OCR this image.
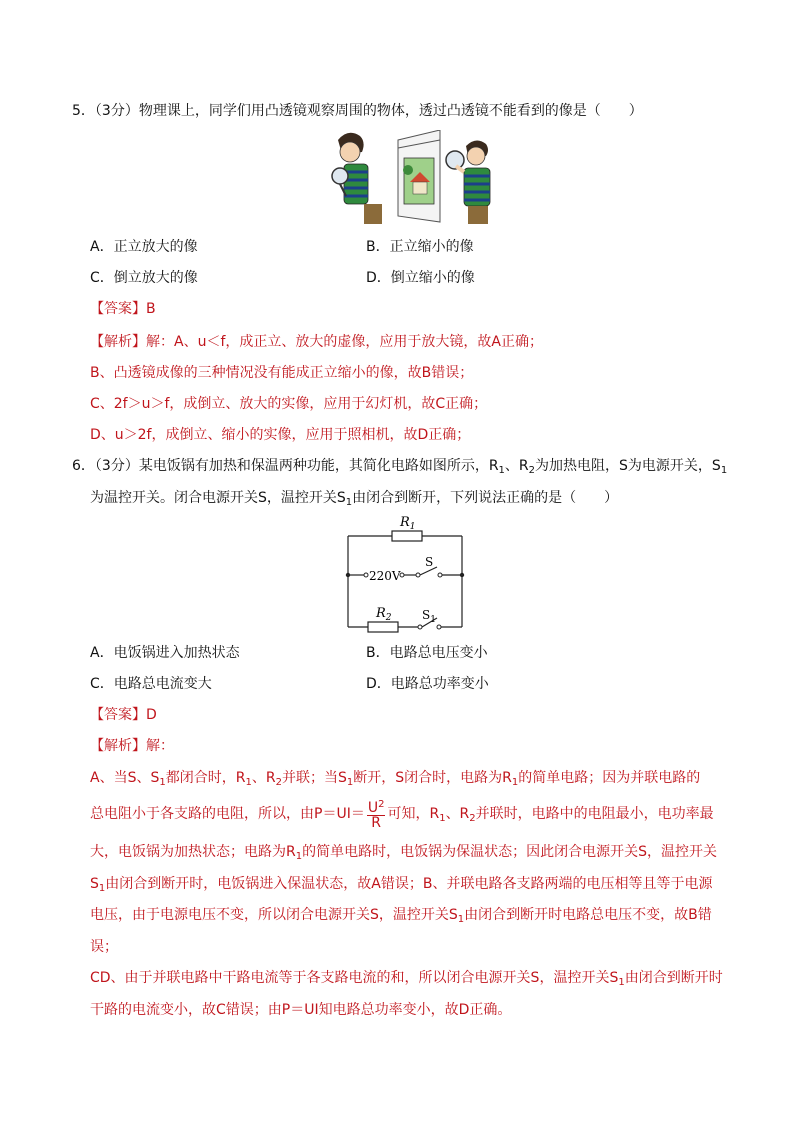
5．（3分）物理课上，同学们用凸透镜观察周围的物体，透过凸透镜不能看到的像是（　　）
A．正立放大的像	B．正立缩小的像
C．倒立放大的像	D．倒立缩小的像
【答案】B
【解析】解：A、u＜f，成正立、放大的虚像，应用于放大镜，故A正确；
B、凸透镜成像的三种情况没有能成正立缩小的像，故B错误；
C、2f＞u＞f，成倒立、放大的实像，应用于幻灯机，故C正确；
D、u＞2f，成倒立、缩小的实像，应用于照相机，故D正确；
6．（3分）某电饭锅有加热和保温两种功能，其简化电路如图所示，$R_1$、$R_2$为加热电阻，S为电源开关，$S_1$
为温控开关。闭合电源开关S，温控开关$S_1$由闭合到断开，下列说法正确的是（　　）
$R_1$
220V
S
$R_2$	$S_1$
A．电饭锅进入加热状态	B．电路总电压变小
C．电路总电流变大	D．电路总功率变小
【答案】D
【解析】解：
A、当S、$S_1$都闭合时，$R_1$、$R_2$并联；当$S_1$断开，S闭合时，电路为$R_1$的简单电路；因为并联电路的
总电阻小于各支路的电阻，所以，由$P=UI= \frac{U^2}{R}$ 可知，$R_1$、$R_2$并联时，电路中的电阻最小，电功率最
大，电饭锅为加热状态；电路为$R_1$的简单电路时，电饭锅为保温状态；因此闭合电源开关S，温控开关
$S_1$由闭合到断开时，电饭锅进入保温状态，故A错误；B、并联电路各支路两端的电压相等且等于电源
电压，由于电源电压不变，所以闭合电源开关S，温控开关$S_1$由闭合到断开时电路总电压不变，故B错
误；
CD、由于并联电路中干路电流等于各支路电流的和，所以闭合电源开关S，温控开关$S_1$由闭合到断开时
干路的电流变小，故C错误；由P＝UI知电路总功率变小，故D正确。
